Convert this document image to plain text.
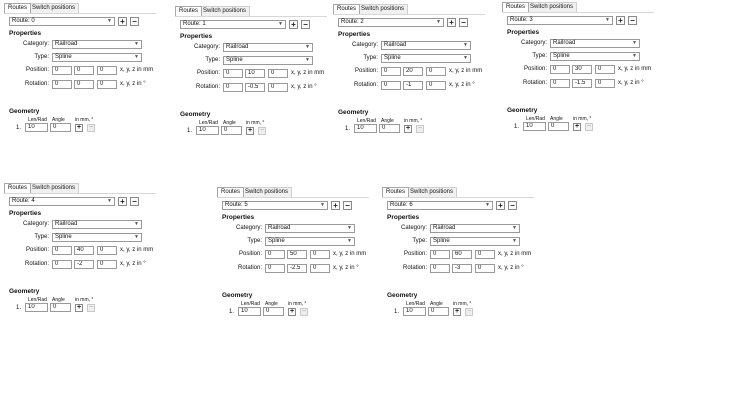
Routes Switch positions
Route: 0	▼ + −
Properties
Category:	Railroad	▼
Type:	Spline	▼
Position:	0	0	0	x, y, z in mm
Rotation:	0	0	0	x, y, z in °
Geometry
Len/Rad Angle in mm, °
1.	10	0	+ −
Routes Switch positions
Route: 1	▼ + −
Properties
Category:	Railroad	▼
Type:	Spline	▼
Position:	0	10	0	x, y, z in mm
Rotation:	0	-0.5	0	x, y, z in °
Geometry
Len/Rad Angle in mm, °
1.	10	0	+ −
Routes Switch positions
Route: 2	▼ + −
Properties
Category:	Railroad	▼
Type:	Spline	▼
Position:	0	20	0	x, y, z in mm
Rotation:	0	-1	0	x, y, z in °
Geometry
Len/Rad Angle in mm, °
1.	10	0	+ −
Routes Switch positions
Route: 3	▼ + −
Properties
Category:	Railroad	▼
Type:	Spline	▼
Position:	0	30	0	x, y, z in mm
Rotation:	0	-1.5	0	x, y, z in °
Geometry
Len/Rad Angle in mm, °
1.	10	0	+ −
Routes Switch positions
Route: 4	▼ + −
Properties
Category:	Railroad	▼
Type:	Spline	▼
Position:	0	40	0	x, y, z in mm
Rotation:	0	-2	0	x, y, z in °
Geometry
Len/Rad Angle in mm, °
1.	10	0	+ −
Routes Switch positions
Route: 5	▼ + −
Properties
Category:	Railroad	▼
Type:	Spline	▼
Position:	0	50	0	x, y, z in mm
Rotation:	0	-2.5	0	x, y, z in °
Geometry
Len/Rad Angle in mm, °
1.	10	0	+ −
Routes Switch positions
Route: 6	▼ + −
Properties
Category:	Railroad	▼
Type:	Spline	▼
Position:	0	60	0	x, y, z in mm
Rotation:	0	-3	0	x, y, z in °
Geometry
Len/Rad Angle in mm, °
1.	10	0	+ −
